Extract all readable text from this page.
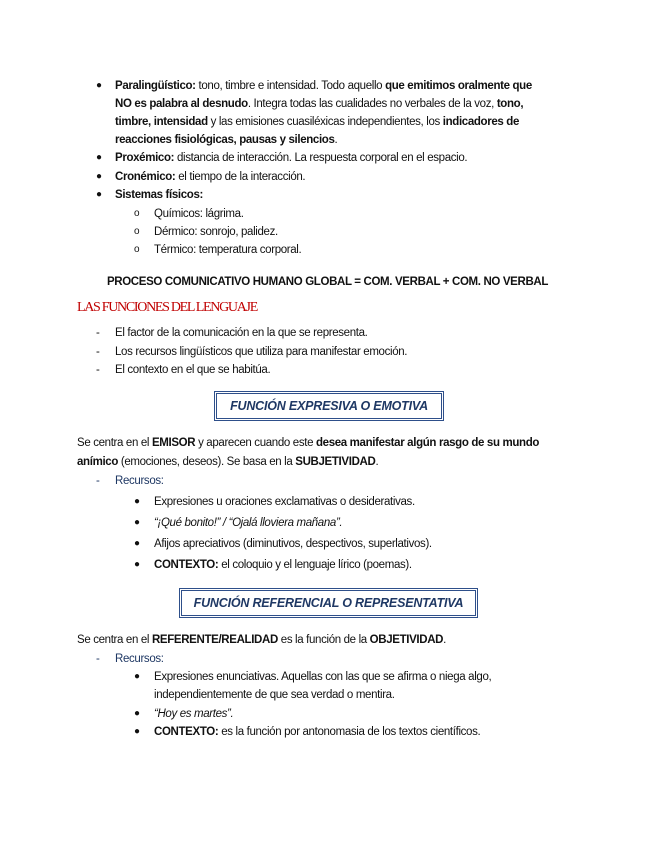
● Paralingüístico: tono, timbre e intensidad. Todo aquello que emitimos oralmente que
NO es palabra al desnudo. Integra todas las cualidades no verbales de la voz, tono,
timbre, intensidad y las emisiones cuasiléxicas independientes, los indicadores de
reacciones fisiológicas, pausas y silencios.
● Proxémico: distancia de interacción. La respuesta corporal en el espacio.
● Cronémico: el tiempo de la interacción.
● Sistemas físicos:
o Químicos: lágrima.
o Dérmico: sonrojo, palidez.
o Térmico: temperatura corporal.
PROCESO COMUNICATIVO HUMANO GLOBAL = COM. VERBAL + COM. NO VERBAL
LAS FUNCIONES DEL LENGUAJE
- El factor de la comunicación en la que se representa.
- Los recursos lingüísticos que utiliza para manifestar emoción.
- El contexto en el que se habitúa.
FUNCIÓN EXPRESIVA O EMOTIVA
Se centra en el EMISOR y aparecen cuando este desea manifestar algún rasgo de su mundo
anímico (emociones, deseos). Se basa en la SUBJETIVIDAD.
- Recursos:
● Expresiones u oraciones exclamativas o desiderativas.
● “¡Qué bonito!” / “Ojalá lloviera mañana”.
● Afijos apreciativos (diminutivos, despectivos, superlativos).
● CONTEXTO: el coloquio y el lenguaje lírico (poemas).
FUNCIÓN REFERENCIAL O REPRESENTATIVA
Se centra en el REFERENTE/REALIDAD es la función de la OBJETIVIDAD.
- Recursos:
● Expresiones enunciativas. Aquellas con las que se afirma o niega algo,
independientemente de que sea verdad o mentira.
● “Hoy es martes”.
● CONTEXTO: es la función por antonomasia de los textos científicos.
